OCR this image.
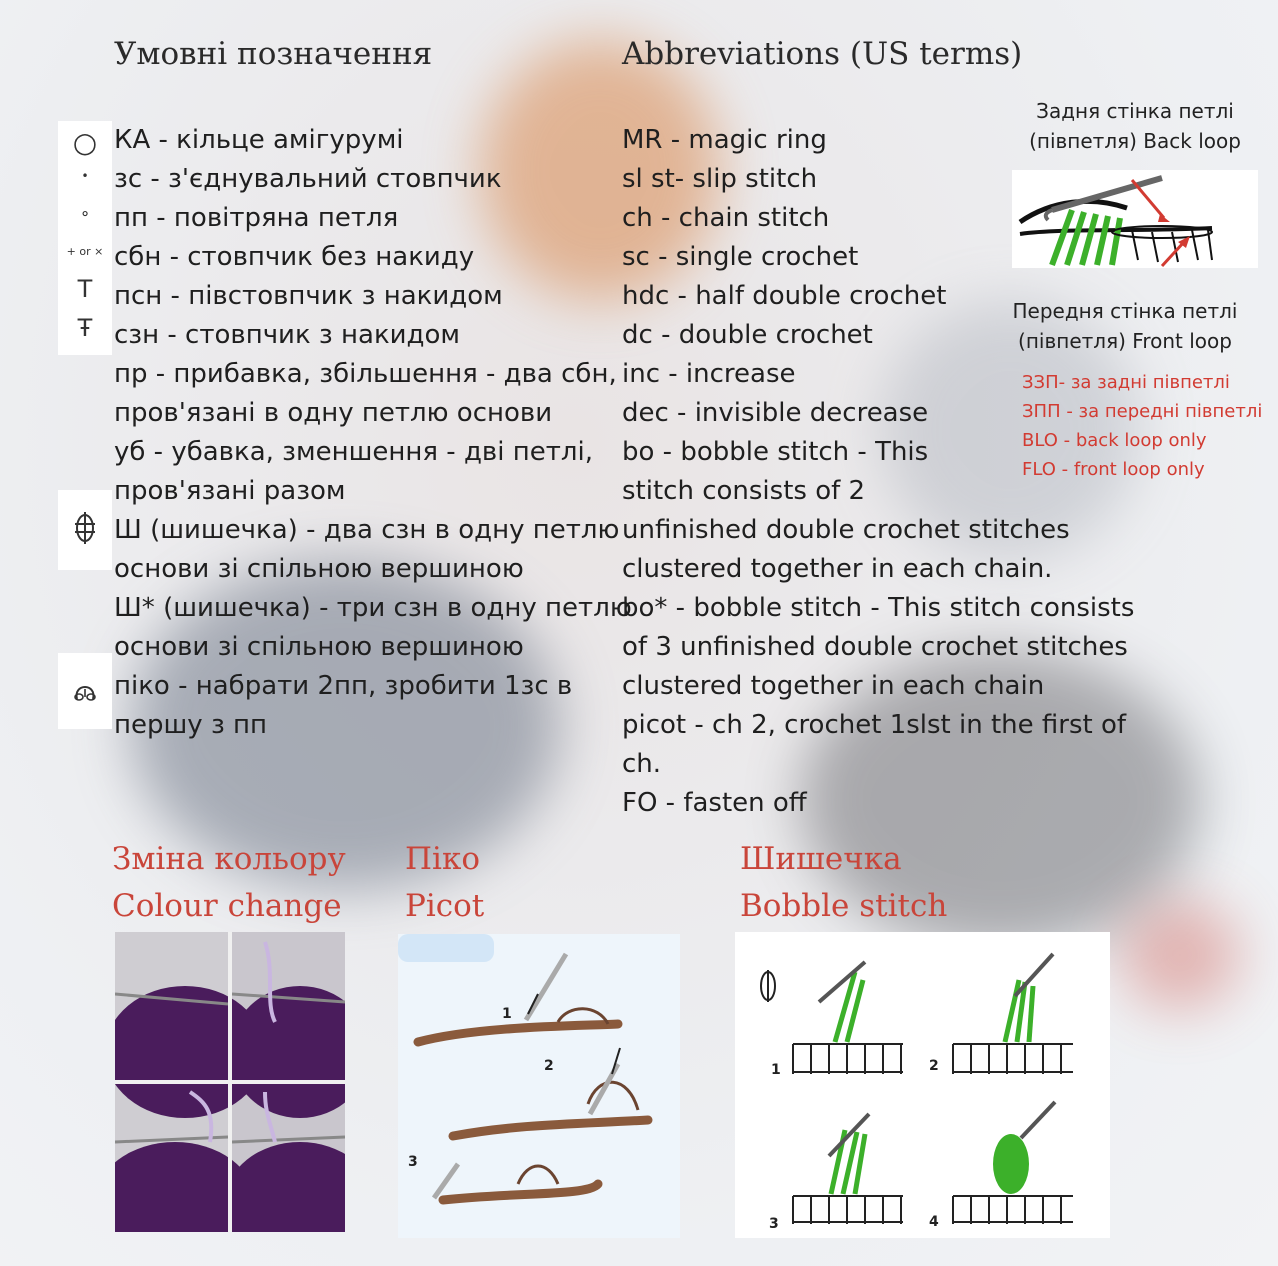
Умовні позначення	Abbreviations (US terms)
○
•
⚬
+ or ×
T
Ŧ
КА - кільце амігурумі
зс - з'єднувальний стовпчик
пп - повітряна петля
сбн - стовпчик без накиду
псн - півстовпчик з накидом
сзн - стовпчик з накидом
пр - прибавка, збільшення - два сбн,
пров'язані в одну петлю основи
уб - убавка, зменшення - дві петлі,
пров'язані разом
Ш (шишечка) - два сзн в одну петлю
основи зі спільною вершиною
Ш* (шишечка) - три сзн в одну петлю
основи зі спільною вершиною
піко - набрати 2пп, зробити 1зс в
першу з пп
MR - magic ring
sl st- slip stitch
ch - chain stitch
sc - single crochet
hdc - half double crochet
dc - double crochet
inc - increase
dec - invisible decrease
bo - bobble stitch - This
stitch consists of 2
unfinished double crochet stitches
clustered together in each chain.
bo* - bobble stitch - This stitch consists
of 3 unfinished double crochet stitches
clustered together in each chain
picot - ch 2, crochet 1slst in the first of
ch.
FO - fasten off
Задня стінка петлі
(півпетля) Back loop
Передня стінка петлі
(півпетля) Front loop
ЗЗП- за задні півпетлі
ЗПП - за передні півпетлі
BLO - back loop only
FLO - front loop only
Зміна кольору
Colour change
Піко
Picot
Шишечка
Bobble stitch
1
2
3
1	2
3	4
